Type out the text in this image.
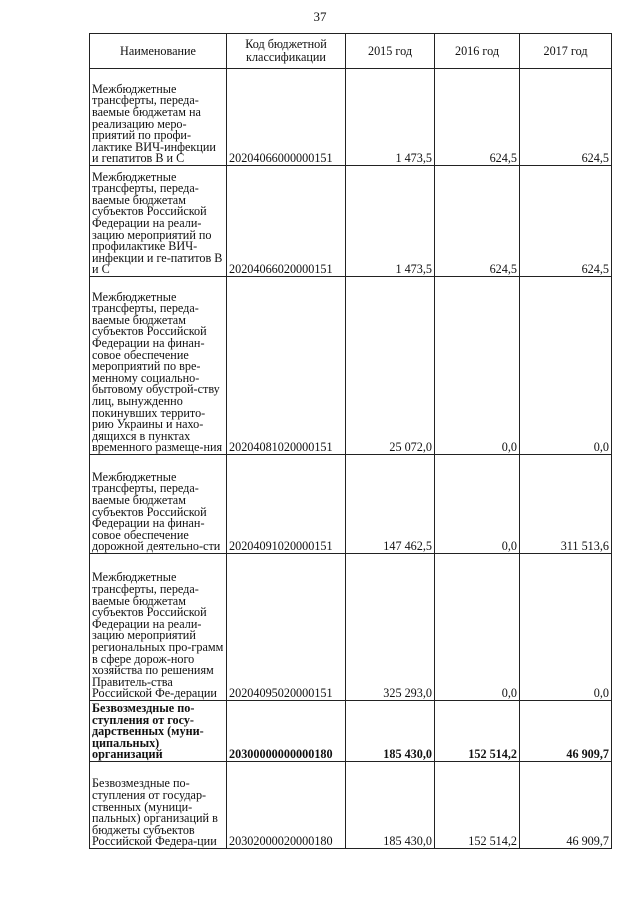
37
Наименование	Код бюджетной классификации	2015 год	2016 год	2017 год
Межбюджетные трансферты, переда-ваемые бюджетам на реализацию меро-приятий по профи-лактике ВИЧ-инфекции и гепатитов В и С	20204066000000151	1 473,5	624,5	624,5
Межбюджетные трансферты, переда-ваемые бюджетам субъектов Российской Федерации на реали-зацию мероприятий по профилактике ВИЧ-инфекции и ге-патитов В и С	20204066020000151	1 473,5	624,5	624,5
Межбюджетные трансферты, переда-ваемые бюджетам субъектов Российской Федерации на финан-совое обеспечение мероприятий по вре-менному социально-бытовому обустрой-ству лиц, вынужденно покинувших террито-рию Украины и нахо-дящихся в пунктах временного размеще-ния	20204081020000151	25 072,0	0,0	0,0
Межбюджетные трансферты, переда-ваемые бюджетам субъектов Российской Федерации на финан-совое обеспечение дорожной деятельно-сти	20204091020000151	147 462,5	0,0	311 513,6
Межбюджетные трансферты, переда-ваемые бюджетам субъектов Российской Федерации на реали-зацию мероприятий региональных про-грамм в сфере дорож-ного хозяйства по решениям Правитель-ства Российской Фе-дерации	20204095020000151	325 293,0	0,0	0,0
Безвозмездные по-ступления от госу-дарственных (муни-ципальных) организаций	20300000000000180	185 430,0	152 514,2	46 909,7
Безвозмездные по-ступления от государ-ственных (муници-пальных) организаций в бюджеты субъектов Российской Федера-ции	20302000020000180	185 430,0	152 514,2	46 909,7
